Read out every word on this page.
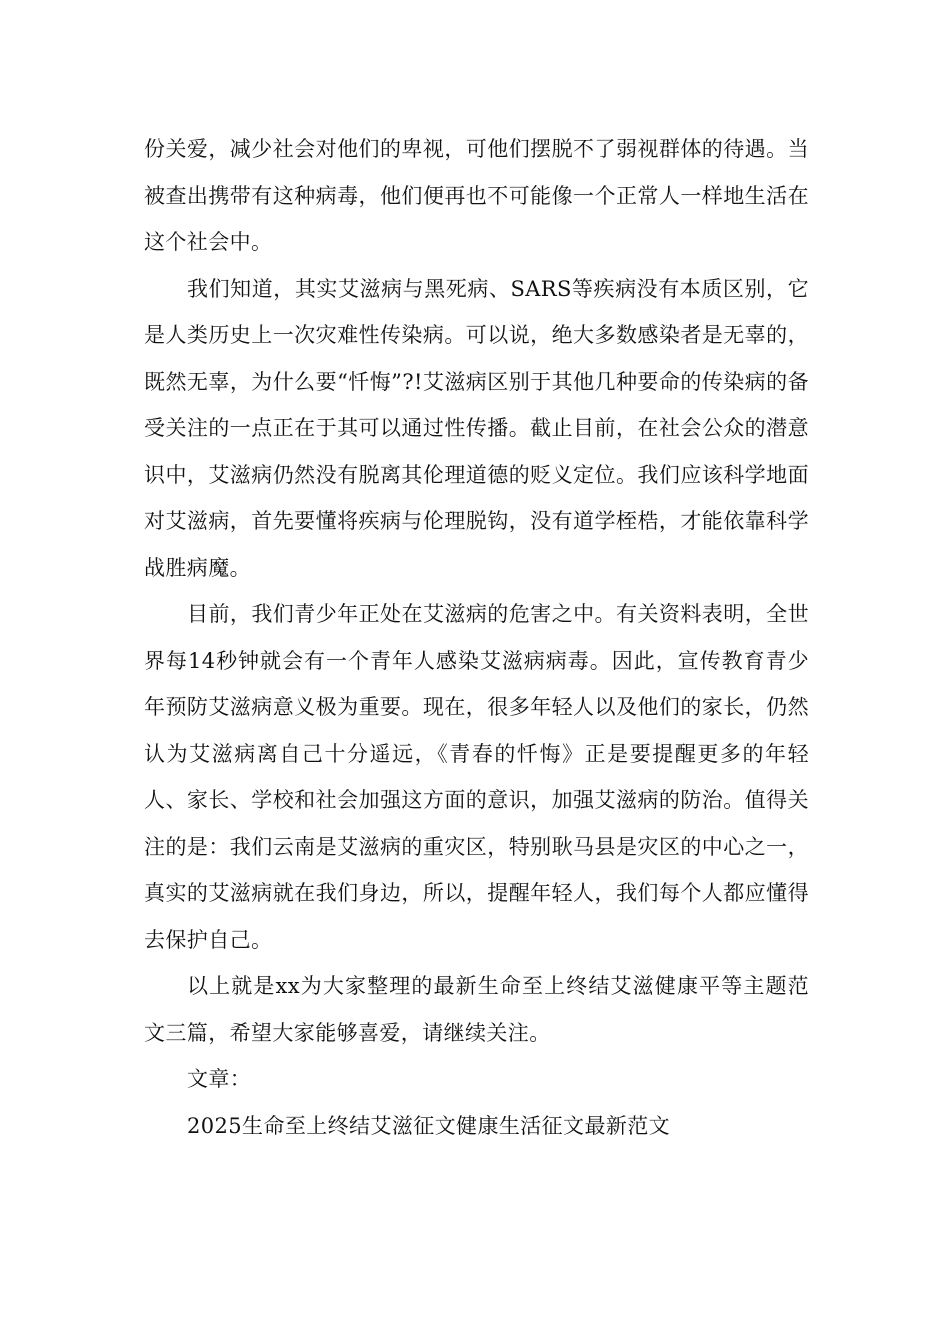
份关爱，减少社会对他们的卑视，可他们摆脱不了弱视群体的待遇。当被查出携带有这种病毒，他们便再也不可能像一个正常人一样地生活在这个社会中。

我们知道，其实艾滋病与黑死病、SARS等疾病没有本质区别，它是人类历史上一次灾难性传染病。可以说，绝大多数感染者是无辜的，既然无辜，为什么要“忏悔”?!艾滋病区别于其他几种要命的传染病的备受关注的一点正在于其可以通过性传播。截止目前，在社会公众的潜意识中，艾滋病仍然没有脱离其伦理道德的贬义定位。我们应该科学地面对艾滋病，首先要懂将疾病与伦理脱钩，没有道学桎梏，才能依靠科学战胜病魔。

目前，我们青少年正处在艾滋病的危害之中。有关资料表明，全世界每14秒钟就会有一个青年人感染艾滋病病毒。因此，宣传教育青少年预防艾滋病意义极为重要。现在，很多年轻人以及他们的家长，仍然认为艾滋病离自己十分遥远，《青春的忏悔》正是要提醒更多的年轻人、家长、学校和社会加强这方面的意识，加强艾滋病的防治。值得关注的是：我们云南是艾滋病的重灾区，特别耿马县是灾区的中心之一，真实的艾滋病就在我们身边，所以，提醒年轻人，我们每个人都应懂得去保护自己。

以上就是xx为大家整理的最新生命至上终结艾滋健康平等主题范文三篇，希望大家能够喜爱，请继续关注。

文章：

2025生命至上终结艾滋征文健康生活征文最新范文
